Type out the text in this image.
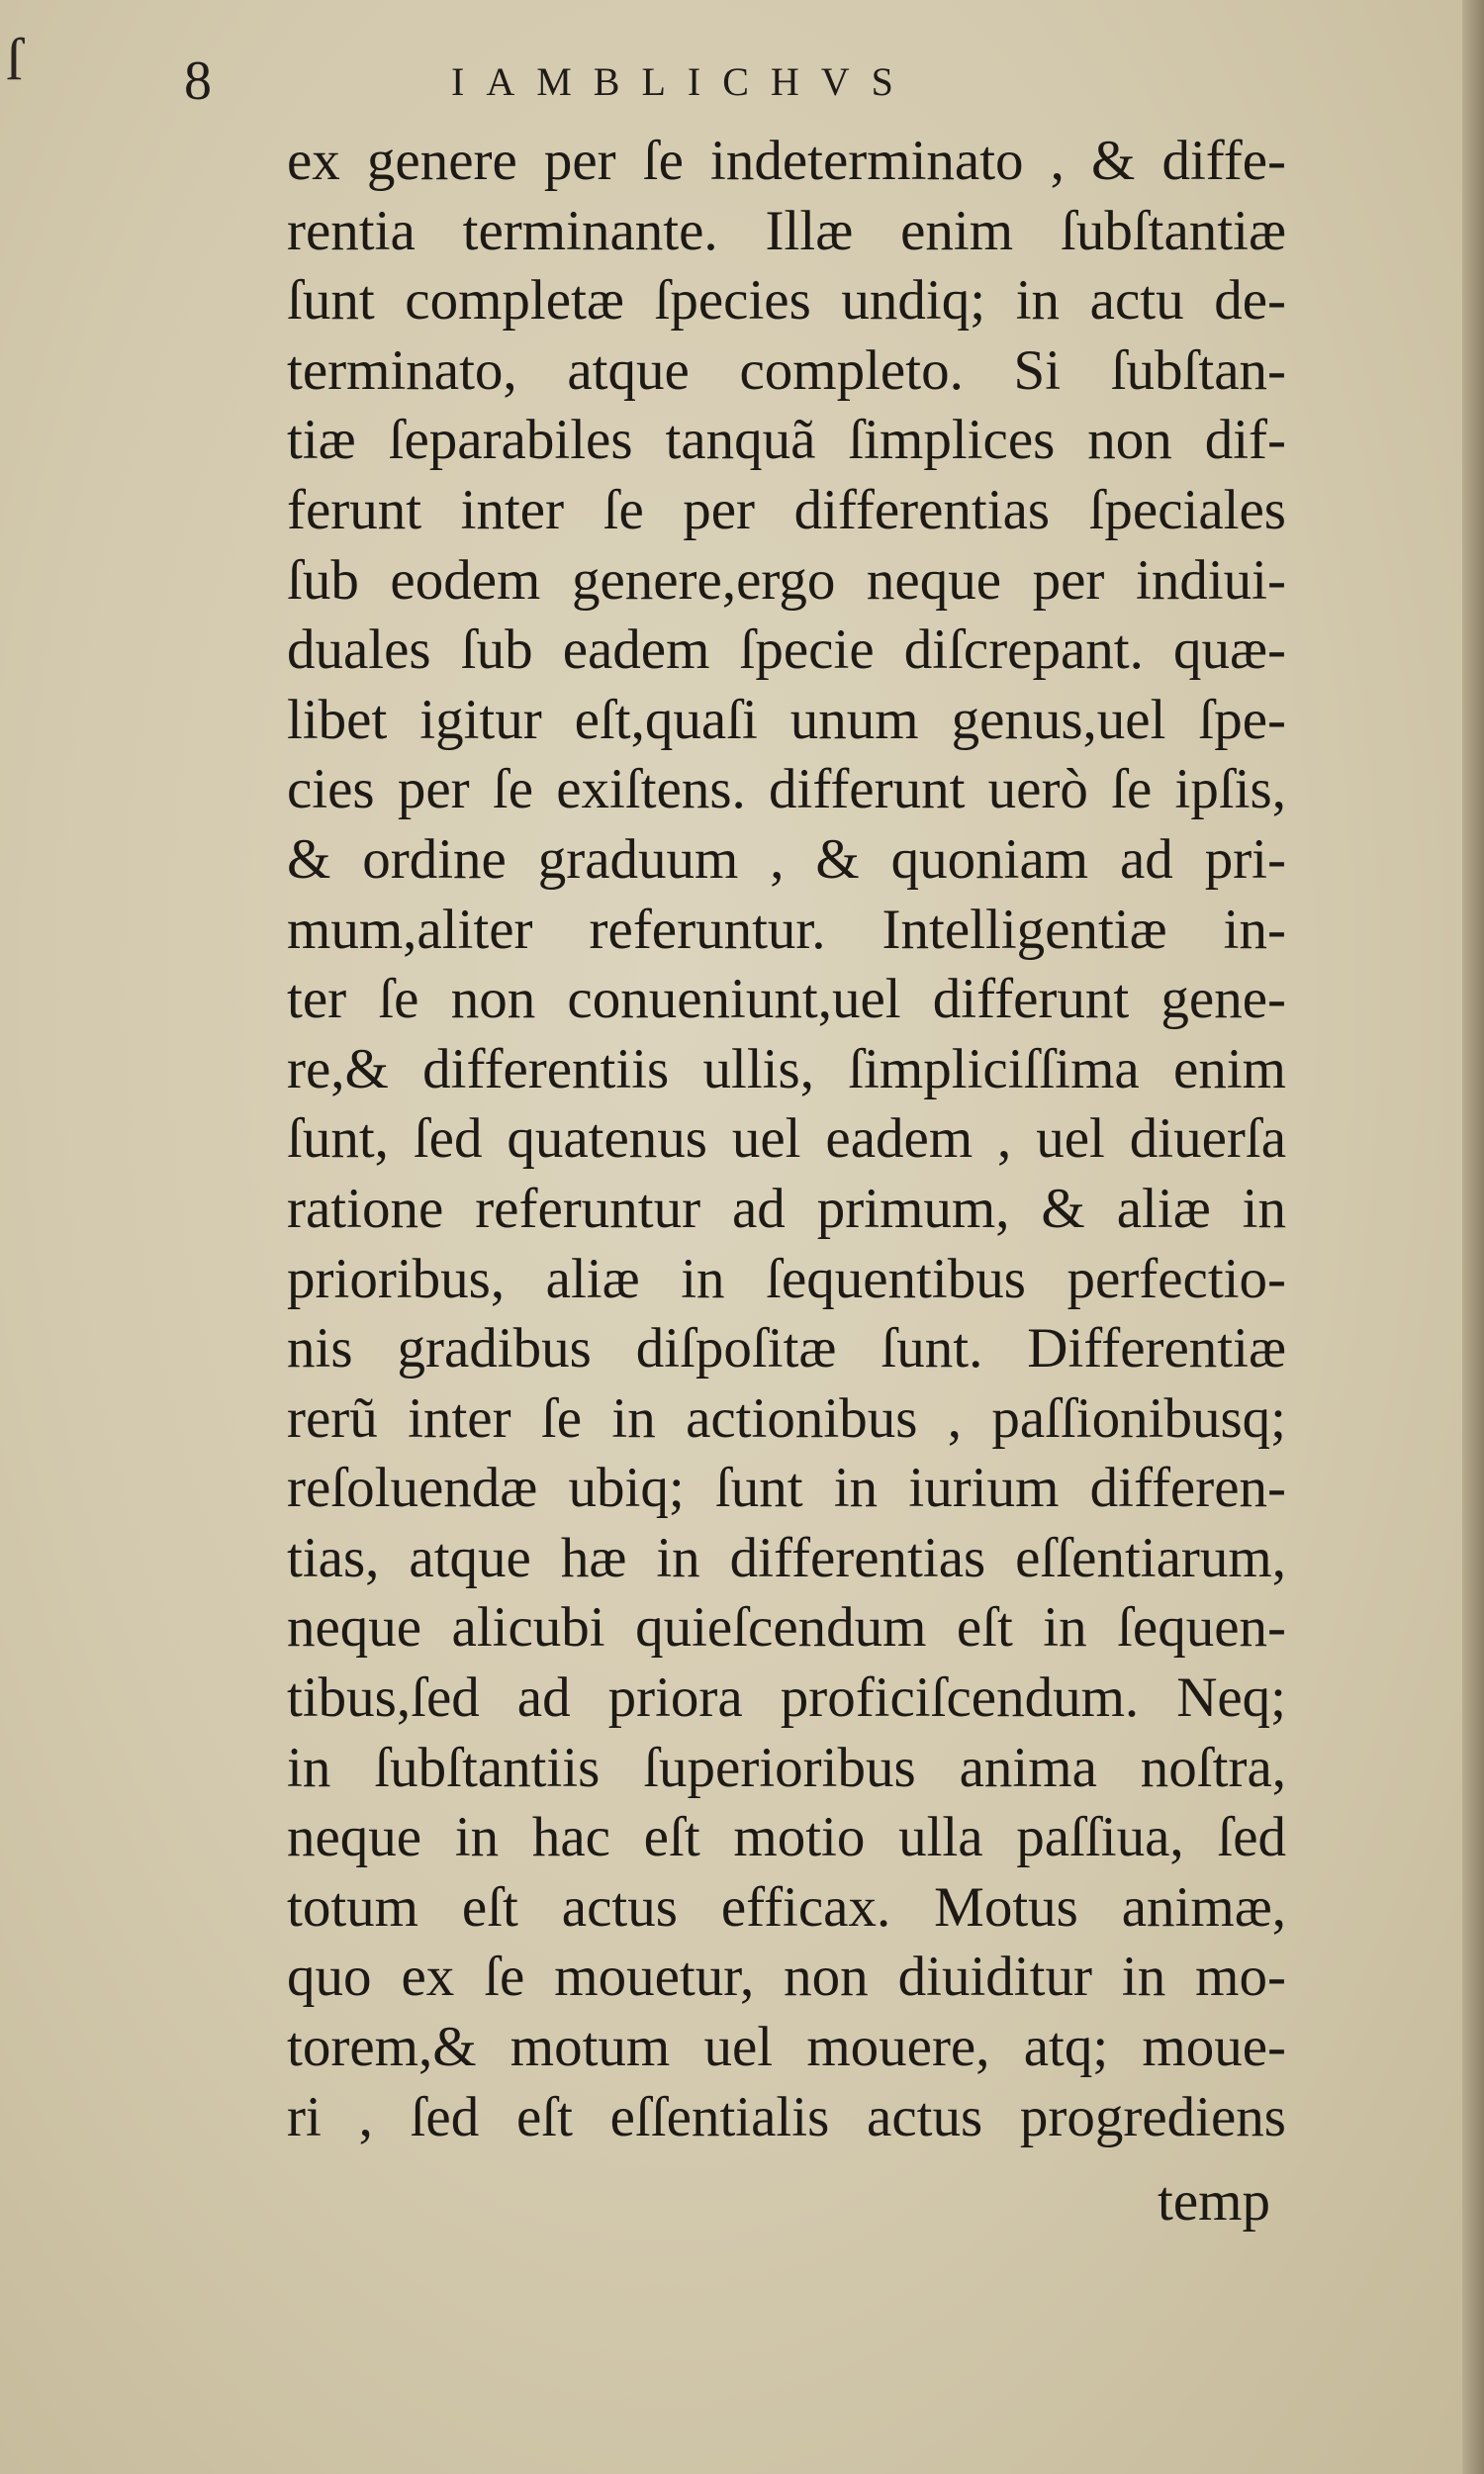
ſ	8	IAMBLICHVS
ex genere per ſe indeterminato , & diffe-
rentia terminante. Illæ enim ſubſtantiæ
ſunt completæ ſpecies undiq; in actu de-
terminato, atque completo. Si ſubſtan-
tiæ ſeparabiles tanquã ſimplices non dif-
ferunt inter ſe per differentias ſpeciales
ſub eodem genere,ergo neque per indiui-
duales ſub eadem ſpecie diſcrepant. quæ-
libet igitur eſt,quaſi unum genus,uel ſpe-
cies per ſe exiſtens. differunt uerò ſe ipſis,
& ordine graduum , & quoniam ad pri-
mum,aliter referuntur. Intelligentiæ in-
ter ſe non conueniunt,uel differunt gene-
re,& differentiis ullis, ſimpliciſſima enim
ſunt, ſed quatenus uel eadem , uel diuerſa
ratione referuntur ad primum, & aliæ in
prioribus, aliæ in ſequentibus perfectio-
nis gradibus diſpoſitæ ſunt. Differentiæ
rerũ inter ſe in actionibus , paſſionibusq;
reſoluendæ ubiq; ſunt in iurium differen-
tias, atque hæ in differentias eſſentiarum,
neque alicubi quieſcendum eſt in ſequen-
tibus,ſed ad priora proficiſcendum. Neq;
in ſubſtantiis ſuperioribus anima noſtra,
neque in hac eſt motio ulla paſſiua, ſed
totum eſt actus efficax. Motus animæ,
quo ex ſe mouetur, non diuiditur in mo-
torem,& motum uel mouere, atq; moue-
ri , ſed eſt eſſentialis actus progrediens
temp
